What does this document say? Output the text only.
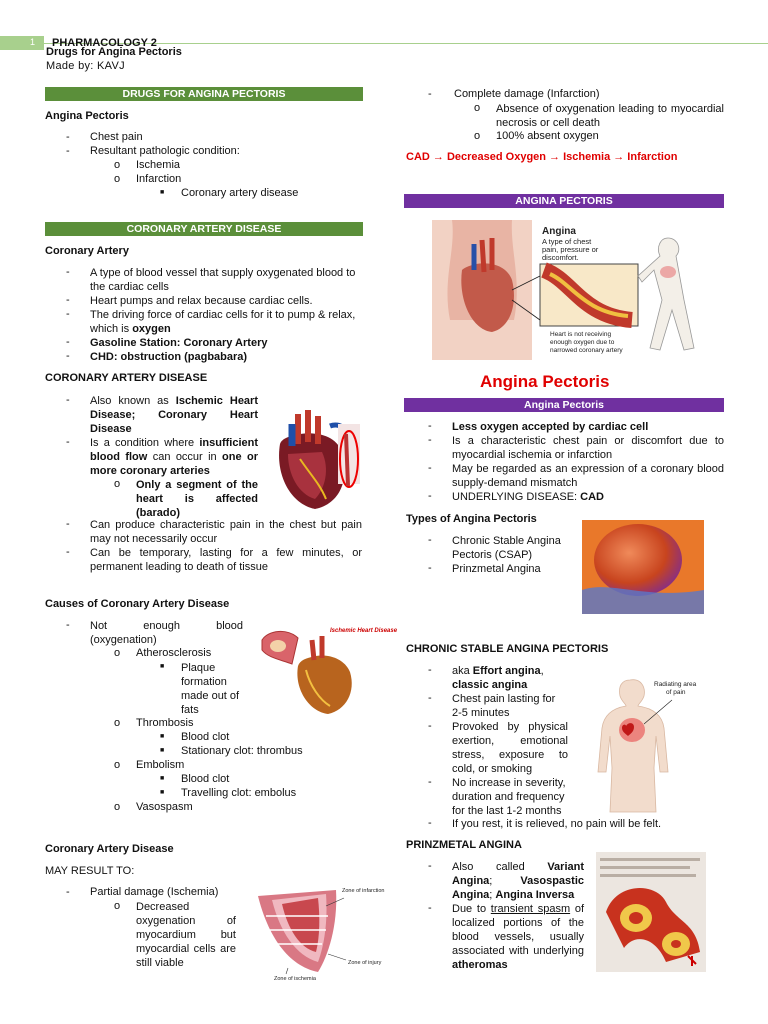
1 PHARMACOLOGY 2
Drugs for Angina Pectoris
Made by: KAVJ
DRUGS FOR ANGINA PECTORIS
Angina Pectoris
- Chest pain
- Resultant pathologic condition:
o Ischemia
o Infarction
■ Coronary artery disease
CORONARY ARTERY DISEASE
Coronary Artery
- A type of blood vessel that supply oxygenated blood to the cardiac cells
- Heart pumps and relax because cardiac cells.
- The driving force of cardiac cells for it to pump & relax, which is oxygen
- Gasoline Station: Coronary Artery
- CHD: obstruction (pagbabara)
CORONARY ARTERY DISEASE
- Also known as Ischemic Heart Disease; Coronary Heart Disease
- Is a condition where insufficient blood flow can occur in one or more coronary arteries
o Only a segment of the heart is affected (barado)
- Can produce characteristic pain in the chest but pain may not necessarily occur
- Can be temporary, lasting for a few minutes, or permanent leading to death of tissue
Causes of Coronary Artery Disease
- Not enough blood (oxygenation)
o Atherosclerosis
■ Plaque formation made out of fats
o Thrombosis
■ Blood clot
■ Stationary clot: thrombus
o Embolism
■ Blood clot
■ Travelling clot: embolus
o Vasospasm
Ischemic Heart Disease
Coronary Artery Disease
MAY RESULT TO:
- Partial damage (Ischemia)
o Decreased oxygenation of myocardium but myocardial cells are still viable
Zone of infarction
Zone of injury
Zone of ischemia
- Complete damage (Infarction)
o Absence of oxygenation leading to myocardial necrosis or cell death
o 100% absent oxygen
CAD → Decreased Oxygen → Ischemia → Infarction
ANGINA PECTORIS
Angina
A type of chest
pain, pressure or
discomfort.
Heart is not receiving
enough oxygen due to
narrowed coronary artery
Angina Pectoris
Angina Pectoris
- Less oxygen accepted by cardiac cell
- Is a characteristic chest pain or discomfort due to myocardial ischemia or infarction
- May be regarded as an expression of a coronary blood supply-demand mismatch
- UNDERLYING DISEASE: CAD
Types of Angina Pectoris
- Chronic Stable Angina Pectoris (CSAP)
- Prinzmetal Angina
CHRONIC STABLE ANGINA PECTORIS
- aka Effort angina, classic angina
- Chest pain lasting for 2-5 minutes
- Provoked by physical exertion, emotional stress, exposure to cold, or smoking
- No increase in severity, duration and frequency for the last 1-2 months
- If you rest, it is relieved, no pain will be felt.
Radiating area
of pain
PRINZMETAL ANGINA
- Also called Variant Angina; Vasospastic Angina; Angina Inversa
- Due to transient spasm of localized portions of the blood vessels, usually associated with underlying atheromas
